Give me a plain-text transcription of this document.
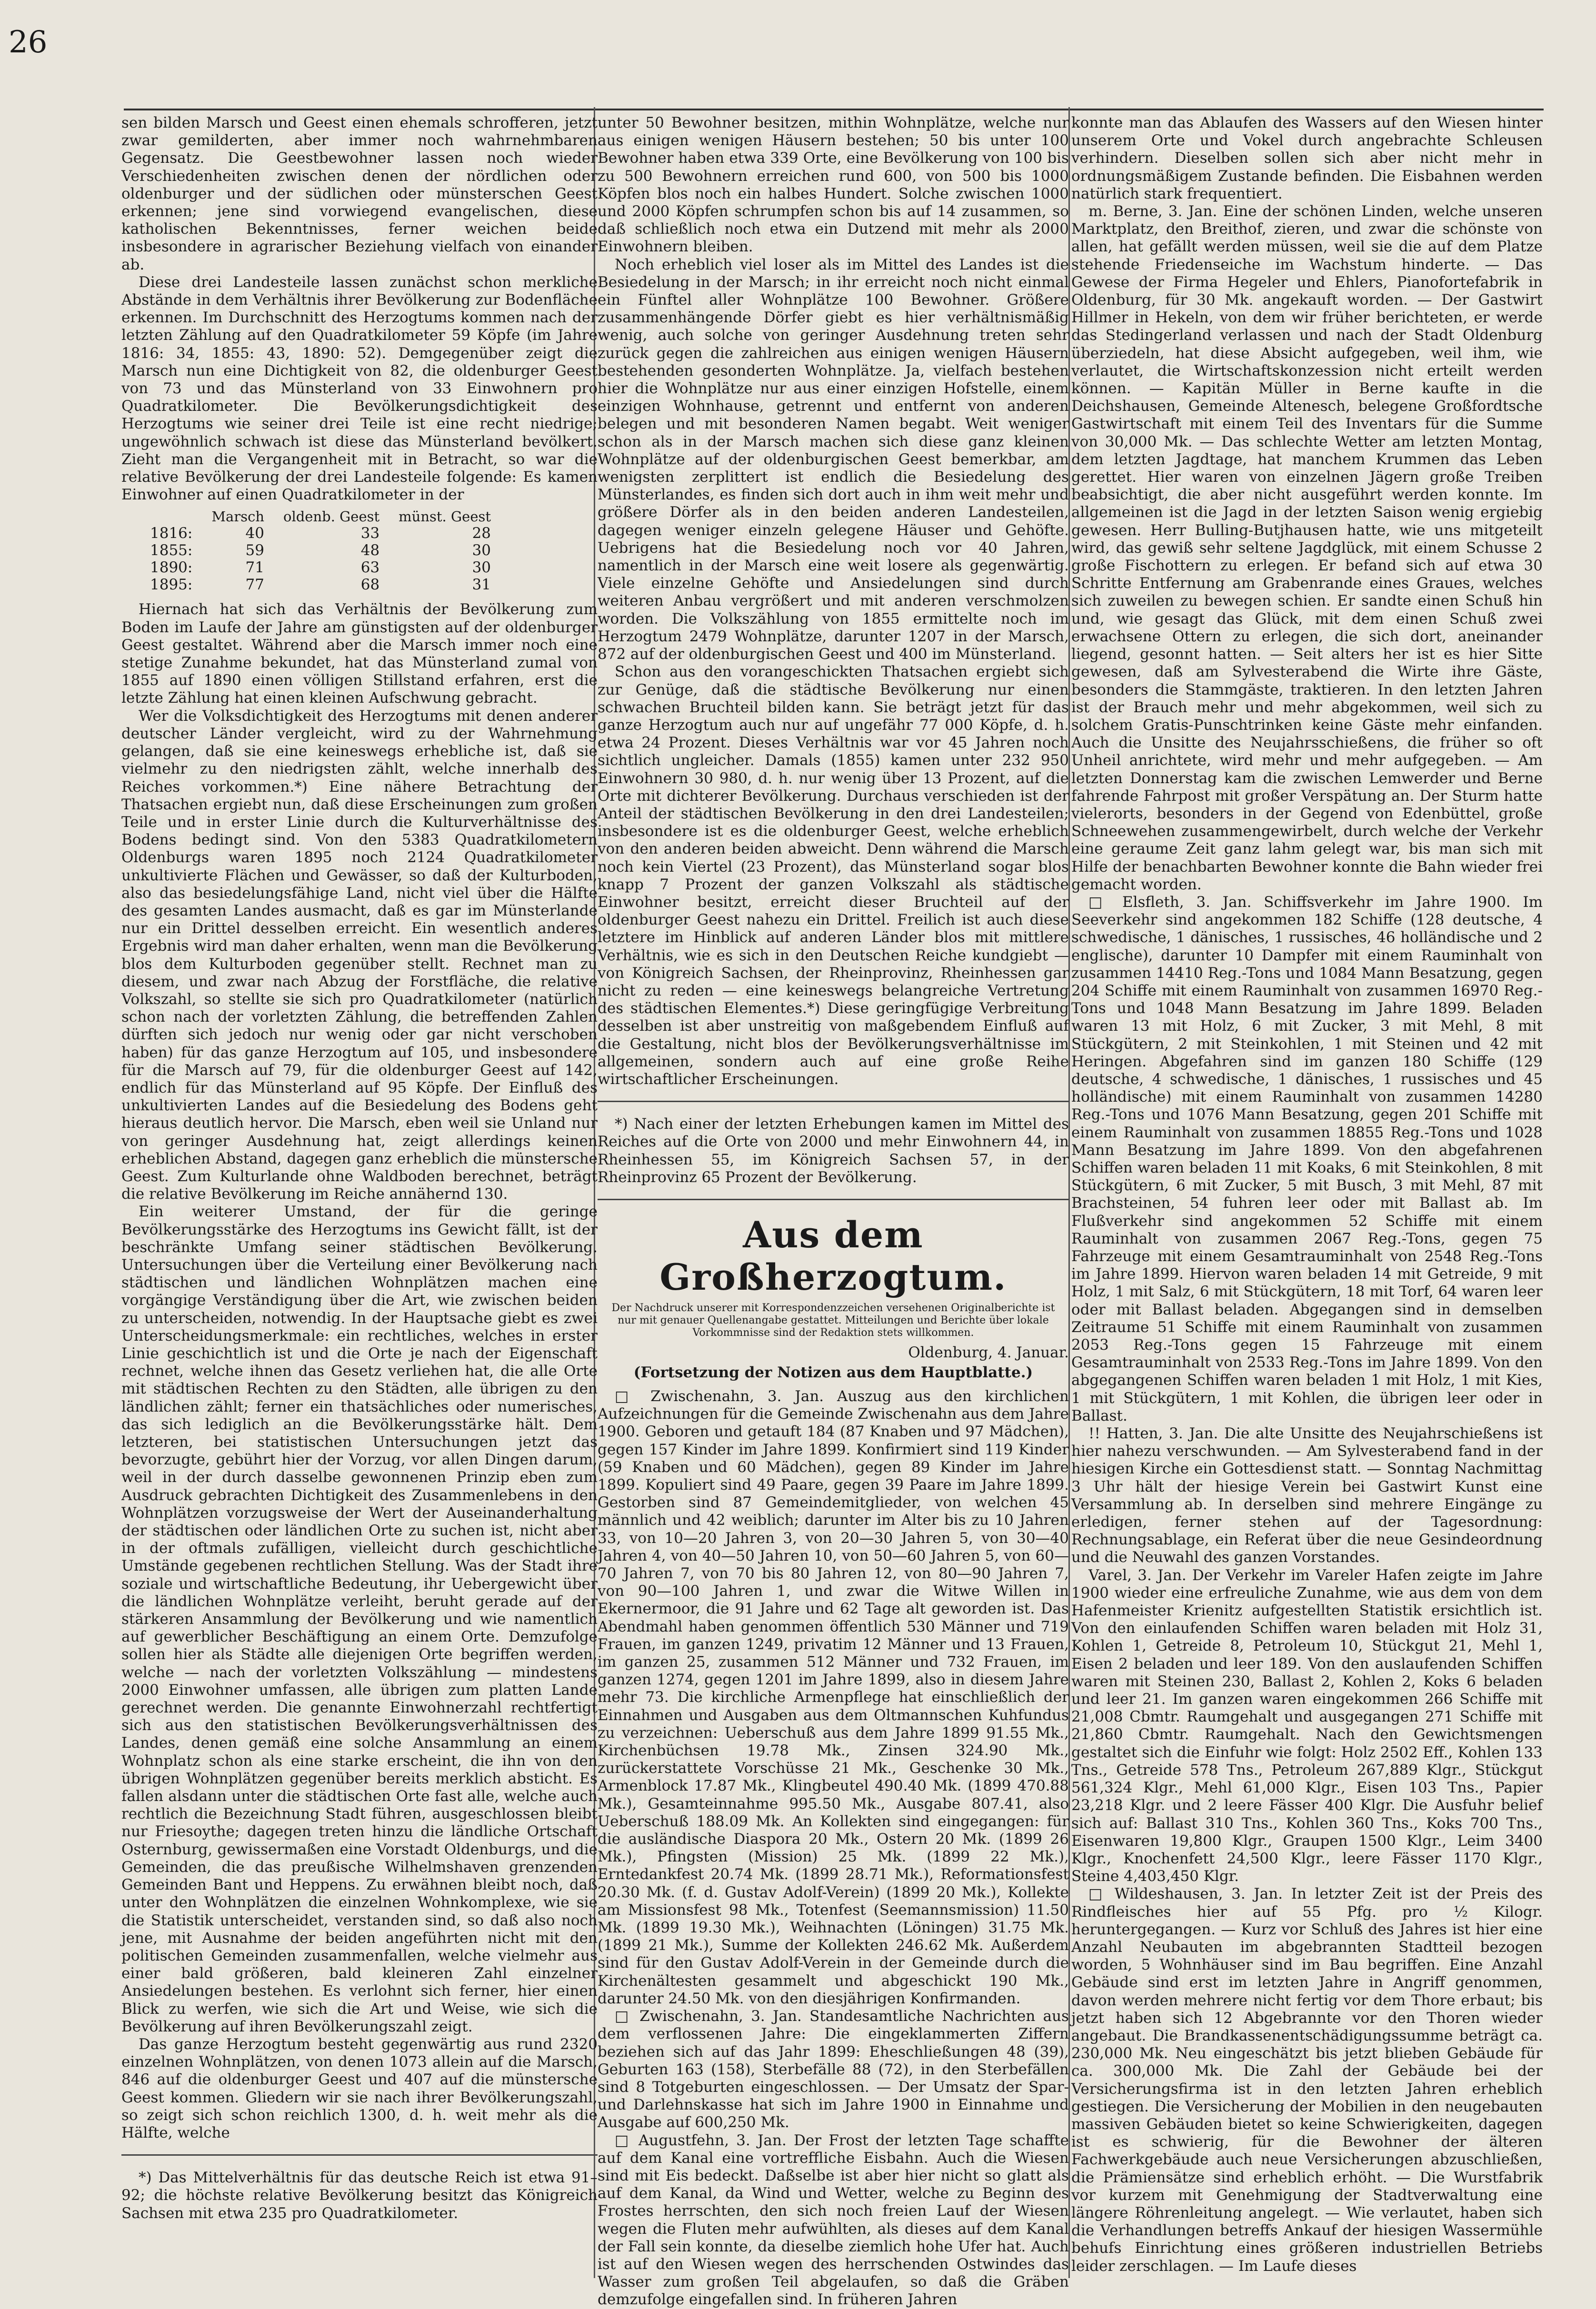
26

sen bilden Marsch und Geest einen ehemals schrofferen, jetzt zwar gemilderten, aber immer noch wahrnehmbaren Gegensatz. Die Geestbewohner lassen noch wieder Verschiedenheiten zwischen denen der nördlichen oder oldenburger und der südlichen oder münsterschen Geest erkennen; jene sind vorwiegend evangelischen, diese katholischen Bekenntnisses, ferner weichen beide insbesondere in agrarischer Beziehung vielfach von einander ab.

Diese drei Landesteile lassen zunächst schon merkliche Abstände in dem Verhältnis ihrer Bevölkerung zur Bodenfläche erkennen. Im Durchschnitt des Herzogtums kommen nach der letzten Zählung auf den Quadratkilometer 59 Köpfe (im Jahre 1816: 34, 1855: 43, 1890: 52). Demgegenüber zeigt die Marsch nun eine Dichtigkeit von 82, die oldenburger Geest von 73 und das Münsterland von 33 Einwohnern pro Quadratkilometer. Die Bevölkerungsdichtigkeit des Herzogtums wie seiner drei Teile ist eine recht niedrige; ungewöhnlich schwach ist diese das Münsterland bevölkert. Zieht man die Vergangenheit mit in Betracht, so war die relative Bevölkerung der drei Landesteile folgende: Es kamen Einwohner auf einen Quadratkilometer in der

	Marsch	oldenb. Geest	münst. Geest
1816:	40	33	28
1855:	59	48	30
1890:	71	63	30
1895:	77	68	31

Hiernach hat sich das Verhältnis der Bevölkerung zum Boden im Laufe der Jahre am günstigsten auf der oldenburger Geest gestaltet. Während aber die Marsch immer noch eine stetige Zunahme bekundet, hat das Münsterland zumal von 1855 auf 1890 einen völligen Stillstand erfahren, erst die letzte Zählung hat einen kleinen Aufschwung gebracht.

Wer die Volksdichtigkeit des Herzogtums mit denen anderer deutscher Länder vergleicht, wird zu der Wahrnehmung gelangen, daß sie eine keineswegs erhebliche ist, daß sie vielmehr zu den niedrigsten zählt, welche innerhalb des Reiches vorkommen.*) Eine nähere Betrachtung der Thatsachen ergiebt nun, daß diese Erscheinungen zum großen Teile und in erster Linie durch die Kulturverhältnisse des Bodens bedingt sind. Von den 5383 Quadratkilometern Oldenburgs waren 1895 noch 2124 Quadratkilometer unkultivierte Flächen und Gewässer, so daß der Kulturboden, also das besiedelungsfähige Land, nicht viel über die Hälfte des gesamten Landes ausmacht, daß es gar im Münsterlande nur ein Drittel desselben erreicht. Ein wesentlich anderes Ergebnis wird man daher erhalten, wenn man die Bevölkerung blos dem Kulturboden gegenüber stellt. Rechnet man zu diesem, und zwar nach Abzug der Forstfläche, die relative Volkszahl, so stellte sie sich pro Quadratkilometer (natürlich schon nach der vorletzten Zählung, die betreffenden Zahlen dürften sich jedoch nur wenig oder gar nicht verschoben haben) für das ganze Herzogtum auf 105, und insbesondere für die Marsch auf 79, für die oldenburger Geest auf 142, endlich für das Münsterland auf 95 Köpfe. Der Einfluß des unkultivierten Landes auf die Besiedelung des Bodens geht hieraus deutlich hervor. Die Marsch, eben weil sie Unland nur von geringer Ausdehnung hat, zeigt allerdings keinen erheblichen Abstand, dagegen ganz erheblich die münstersche Geest. Zum Kulturlande ohne Waldboden berechnet, beträgt die relative Bevölkerung im Reiche annähernd 130.

Ein weiterer Umstand, der für die geringe Bevölkerungsstärke des Herzogtums ins Gewicht fällt, ist der beschränkte Umfang seiner städtischen Bevölkerung. Untersuchungen über die Verteilung einer Bevölkerung nach städtischen und ländlichen Wohnplätzen machen eine vorgängige Verständigung über die Art, wie zwischen beiden zu unterscheiden, notwendig. In der Hauptsache giebt es zwei Unterscheidungsmerkmale: ein rechtliches, welches in erster Linie geschichtlich ist und die Orte je nach der Eigenschaft rechnet, welche ihnen das Gesetz verliehen hat, die alle Orte mit städtischen Rechten zu den Städten, alle übrigen zu den ländlichen zählt; ferner ein thatsächliches oder numerisches, das sich lediglich an die Bevölkerungsstärke hält. Dem letzteren, bei statistischen Untersuchungen jetzt das bevorzugte, gebührt hier der Vorzug, vor allen Dingen darum, weil in der durch dasselbe gewonnenen Prinzip eben zum Ausdruck gebrachten Dichtigkeit des Zusammenlebens in den Wohnplätzen vorzugsweise der Wert der Auseinanderhaltung der städtischen oder ländlichen Orte zu suchen ist, nicht aber in der oftmals zufälligen, vielleicht durch geschichtliche Umstände gegebenen rechtlichen Stellung. Was der Stadt ihre soziale und wirtschaftliche Bedeutung, ihr Uebergewicht über die ländlichen Wohnplätze verleiht, beruht gerade auf der stärkeren Ansammlung der Bevölkerung und wie namentlich auf gewerblicher Beschäftigung an einem Orte. Demzufolge sollen hier als Städte alle diejenigen Orte begriffen werden, welche — nach der vorletzten Volkszählung — mindestens 2000 Einwohner umfassen, alle übrigen zum platten Lande gerechnet werden. Die genannte Einwohnerzahl rechtfertigt sich aus den statistischen Bevölkerungsverhältnissen des Landes, denen gemäß eine solche Ansammlung an einem Wohnplatz schon als eine starke erscheint, die ihn von den übrigen Wohnplätzen gegenüber bereits merklich absticht. Es fallen alsdann unter die städtischen Orte fast alle, welche auch rechtlich die Bezeichnung Stadt führen, ausgeschlossen bleibt nur Friesoythe; dagegen treten hinzu die ländliche Ortschaft Osternburg, gewissermaßen eine Vorstadt Oldenburgs, und die Gemeinden, die das preußische Wilhelmshaven grenzenden Gemeinden Bant und Heppens. Zu erwähnen bleibt noch, daß unter den Wohnplätzen die einzelnen Wohnkomplexe, wie sie die Statistik unterscheidet, verstanden sind, so daß also noch jene, mit Ausnahme der beiden angeführten nicht mit den politischen Gemeinden zusammenfallen, welche vielmehr aus einer bald größeren, bald kleineren Zahl einzelner Ansiedelungen bestehen. Es verlohnt sich ferner, hier einen Blick zu werfen, wie sich die Art und Weise, wie sich die Bevölkerung auf ihren Bevölkerungszahl zeigt.

Das ganze Herzogtum besteht gegenwärtig aus rund 2320 einzelnen Wohnplätzen, von denen 1073 allein auf die Marsch, 846 auf die oldenburger Geest und 407 auf die münstersche Geest kommen. Gliedern wir sie nach ihrer Bevölkerungszahl, so zeigt sich schon reichlich 1300, d. h. weit mehr als die Hälfte, welche

*) Das Mittelverhältnis für das deutsche Reich ist etwa 91–92; die höchste relative Bevölkerung besitzt das Königreich Sachsen mit etwa 235 pro Quadratkilometer.

unter 50 Bewohner besitzen, mithin Wohnplätze, welche nur aus einigen wenigen Häusern bestehen; 50 bis unter 100 Bewohner haben etwa 339 Orte, eine Bevölkerung von 100 bis zu 500 Bewohnern erreichen rund 600, von 500 bis 1000 Köpfen blos noch ein halbes Hundert. Solche zwischen 1000 und 2000 Köpfen schrumpfen schon bis auf 14 zusammen, so daß schließlich noch etwa ein Dutzend mit mehr als 2000 Einwohnern bleiben.

Noch erheblich viel loser als im Mittel des Landes ist die Besiedelung in der Marsch; in ihr erreicht noch nicht einmal ein Fünftel aller Wohnplätze 100 Bewohner. Größere zusammenhängende Dörfer giebt es hier verhältnismäßig wenig, auch solche von geringer Ausdehnung treten sehr zurück gegen die zahlreichen aus einigen wenigen Häusern bestehenden gesonderten Wohnplätze. Ja, vielfach bestehen hier die Wohnplätze nur aus einer einzigen Hofstelle, einem einzigen Wohnhause, getrennt und entfernt von anderen belegen und mit besonderen Namen begabt. Weit weniger schon als in der Marsch machen sich diese ganz kleinen Wohnplätze auf der oldenburgischen Geest bemerkbar, am wenigsten zerplittert ist endlich die Besiedelung des Münsterlandes, es finden sich dort auch in ihm weit mehr und größere Dörfer als in den beiden anderen Landesteilen, dagegen weniger einzeln gelegene Häuser und Gehöfte. Uebrigens hat die Besiedelung noch vor 40 Jahren, namentlich in der Marsch eine weit losere als gegenwärtig. Viele einzelne Gehöfte und Ansiedelungen sind durch weiteren Anbau vergrößert und mit anderen verschmolzen worden. Die Volkszählung von 1855 ermittelte noch im Herzogtum 2479 Wohnplätze, darunter 1207 in der Marsch, 872 auf der oldenburgischen Geest und 400 im Münsterland.

Schon aus den vorangeschickten Thatsachen ergiebt sich zur Genüge, daß die städtische Bevölkerung nur einen schwachen Bruchteil bilden kann. Sie beträgt jetzt für das ganze Herzogtum auch nur auf ungefähr 77 000 Köpfe, d. h. etwa 24 Prozent. Dieses Verhältnis war vor 45 Jahren noch sichtlich ungleicher. Damals (1855) kamen unter 232 950 Einwohnern 30 980, d. h. nur wenig über 13 Prozent, auf die Orte mit dichterer Bevölkerung. Durchaus verschieden ist der Anteil der städtischen Bevölkerung in den drei Landesteilen; insbesondere ist es die oldenburger Geest, welche erheblich von den anderen beiden abweicht. Denn während die Marsch noch kein Viertel (23 Prozent), das Münsterland sogar blos knapp 7 Prozent der ganzen Volkszahl als städtische Einwohner besitzt, erreicht dieser Bruchteil auf der oldenburger Geest nahezu ein Drittel. Freilich ist auch diese letztere im Hinblick auf anderen Länder blos mit mittlere Verhältnis, wie es sich in den Deutschen Reiche kundgiebt — von Königreich Sachsen, der Rheinprovinz, Rheinhessen gar nicht zu reden — eine keineswegs belangreiche Vertretung des städtischen Elementes.*) Diese geringfügige Verbreitung desselben ist aber unstreitig von maßgebendem Einfluß auf die Gestaltung, nicht blos der Bevölkerungsverhältnisse im allgemeinen, sondern auch auf eine große Reihe wirtschaftlicher Erscheinungen.

*) Nach einer der letzten Erhebungen kamen im Mittel des Reiches auf die Orte von 2000 und mehr Einwohnern 44, in Rheinhessen 55, im Königreich Sachsen 57, in der Rheinprovinz 65 Prozent der Bevölkerung.

Aus dem Großherzogtum.
Der Nachdruck unserer mit Korrespondenzzeichen versehenen Originalberichte ist nur mit genauer Quellenangabe gestattet. Mitteilungen und Berichte über lokale Vorkommnisse sind der Redaktion stets willkommen.
Oldenburg, 4. Januar.
(Fortsetzung der Notizen aus dem Hauptblatte.)

□ Zwischenahn, 3. Jan. Auszug aus den kirchlichen Aufzeichnungen für die Gemeinde Zwischenahn aus dem Jahre 1900. Geboren und getauft 184 (87 Knaben und 97 Mädchen), gegen 157 Kinder im Jahre 1899. Konfirmiert sind 119 Kinder (59 Knaben und 60 Mädchen), gegen 89 Kinder im Jahre 1899. Kopuliert sind 49 Paare, gegen 39 Paare im Jahre 1899. Gestorben sind 87 Gemeindemitglieder, von welchen 45 männlich und 42 weiblich; darunter im Alter bis zu 10 Jahren 33, von 10—20 Jahren 3, von 20—30 Jahren 5, von 30—40 Jahren 4, von 40—50 Jahren 10, von 50—60 Jahren 5, von 60—70 Jahren 7, von 70 bis 80 Jahren 12, von 80—90 Jahren 7, von 90—100 Jahren 1, und zwar die Witwe Willen in Ekernermoor, die 91 Jahre und 62 Tage alt geworden ist. Das Abendmahl haben genommen öffentlich 530 Männer und 719 Frauen, im ganzen 1249, privatim 12 Männer und 13 Frauen, im ganzen 25, zusammen 512 Männer und 732 Frauen, im ganzen 1274, gegen 1201 im Jahre 1899, also in diesem Jahre mehr 73. Die kirchliche Armenpflege hat einschließlich der Einnahmen und Ausgaben aus dem Oltmannschen Kuhfundus zu verzeichnen: Ueberschuß aus dem Jahre 1899 91.55 Mk., Kirchenbüchsen 19.78 Mk., Zinsen 324.90 Mk., zurückerstattete Vorschüsse 21 Mk., Geschenke 30 Mk., Armenblock 17.87 Mk., Klingbeutel 490.40 Mk. (1899 470.88 Mk.), Gesamteinnahme 995.50 Mk., Ausgabe 807.41, also Ueberschuß 188.09 Mk. An Kollekten sind eingegangen: für die ausländische Diaspora 20 Mk., Ostern 20 Mk. (1899 26 Mk.), Pfingsten (Mission) 25 Mk. (1899 22 Mk.), Erntedankfest 20.74 Mk. (1899 28.71 Mk.), Reformationsfest 20.30 Mk. (f. d. Gustav Adolf-Verein) (1899 20 Mk.), Kollekte am Missionsfest 98 Mk., Totenfest (Seemannsmission) 11.50 Mk. (1899 19.30 Mk.), Weihnachten (Löningen) 31.75 Mk. (1899 21 Mk.), Summe der Kollekten 246.62 Mk. Außerdem sind für den Gustav Adolf-Verein in der Gemeinde durch die Kirchenältesten gesammelt und abgeschickt 190 Mk., darunter 24.50 Mk. von den diesjährigen Konfirmanden.

□ Zwischenahn, 3. Jan. Standesamtliche Nachrichten aus dem verflossenen Jahre: Die eingeklammerten Ziffern beziehen sich auf das Jahr 1899: Eheschließungen 48 (39), Geburten 163 (158), Sterbefälle 88 (72), in den Sterbefällen sind 8 Totgeburten eingeschlossen. — Der Umsatz der Spar- und Darlehnskasse hat sich im Jahre 1900 in Einnahme und Ausgabe auf 600,250 Mk.

□ Augustfehn, 3. Jan. Der Frost der letzten Tage schaffte auf dem Kanal eine vortreffliche Eisbahn. Auch die Wiesen sind mit Eis bedeckt. Daßselbe ist aber hier nicht so glatt als auf dem Kanal, da Wind und Wetter, welche zu Beginn des Frostes herrschten, den sich noch freien Lauf der Wiesen wegen die Fluten mehr aufwühlten, als dieses auf dem Kanal der Fall sein konnte, da dieselbe ziemlich hohe Ufer hat. Auch ist auf den Wiesen wegen des herrschenden Ostwindes das Wasser zum großen Teil abgelaufen, so daß die Gräben demzufolge eingefallen sind. In früheren Jahren

konnte man das Ablaufen des Wassers auf den Wiesen hinter unserem Orte und Vokel durch angebrachte Schleusen verhindern. Dieselben sollen sich aber nicht mehr in ordnungsmäßigem Zustande befinden. Die Eisbahnen werden natürlich stark frequentiert.

m. Berne, 3. Jan. Eine der schönen Linden, welche unseren Marktplatz, den Breithof, zieren, und zwar die schönste von allen, hat gefällt werden müssen, weil sie die auf dem Platze stehende Friedenseiche im Wachstum hinderte. — Das Gewese der Firma Hegeler und Ehlers, Pianofortefabrik in Oldenburg, für 30 Mk. angekauft worden. — Der Gastwirt Hillmer in Hekeln, von dem wir früher berichteten, er werde das Stedingerland verlassen und nach der Stadt Oldenburg überziedeln, hat diese Absicht aufgegeben, weil ihm, wie verlautet, die Wirtschaftskonzession nicht erteilt werden können. — Kapitän Müller in Berne kaufte in die Deichshausen, Gemeinde Altenesch, belegene Großfordtsche Gastwirtschaft mit einem Teil des Inventars für die Summe von 30,000 Mk. — Das schlechte Wetter am letzten Montag, dem letzten Jagdtage, hat manchem Krummen das Leben gerettet. Hier waren von einzelnen Jägern große Treiben beabsichtigt, die aber nicht ausgeführt werden konnte. Im allgemeinen ist die Jagd in der letzten Saison wenig ergiebig gewesen. Herr Bulling-Butjhausen hatte, wie uns mitgeteilt wird, das gewiß sehr seltene Jagdglück, mit einem Schusse 2 große Fischottern zu erlegen. Er befand sich auf etwa 30 Schritte Entfernung am Grabenrande eines Graues, welches sich zuweilen zu bewegen schien. Er sandte einen Schuß hin und, wie gesagt das Glück, mit dem einen Schuß zwei erwachsene Ottern zu erlegen, die sich dort, aneinander liegend, gesonnt hatten. — Seit alters her ist es hier Sitte gewesen, daß am Sylvesterabend die Wirte ihre Gäste, besonders die Stammgäste, traktieren. In den letzten Jahren ist der Brauch mehr und mehr abgekommen, weil sich zu solchem Gratis-Punschtrinken keine Gäste mehr einfanden. Auch die Unsitte des Neujahrsschießens, die früher so oft Unheil anrichtete, wird mehr und mehr aufgegeben. — Am letzten Donnerstag kam die zwischen Lemwerder und Berne fahrende Fahrpost mit großer Verspätung an. Der Sturm hatte vielerorts, besonders in der Gegend von Edenbüttel, große Schneewehen zusammengewirbelt, durch welche der Verkehr eine geraume Zeit ganz lahm gelegt war, bis man sich mit Hilfe der benachbarten Bewohner konnte die Bahn wieder frei gemacht worden.

□ Elsfleth, 3. Jan. Schiffsverkehr im Jahre 1900. Im Seeverkehr sind angekommen 182 Schiffe (128 deutsche, 4 schwedische, 1 dänisches, 1 russisches, 46 holländische und 2 englische), darunter 10 Dampfer mit einem Rauminhalt von zusammen 14410 Reg.-Tons und 1084 Mann Besatzung, gegen 204 Schiffe mit einem Rauminhalt von zusammen 16970 Reg.-Tons und 1048 Mann Besatzung im Jahre 1899. Beladen waren 13 mit Holz, 6 mit Zucker, 3 mit Mehl, 8 mit Stückgütern, 2 mit Steinkohlen, 1 mit Steinen und 42 mit Heringen. Abgefahren sind im ganzen 180 Schiffe (129 deutsche, 4 schwedische, 1 dänisches, 1 russisches und 45 holländische) mit einem Rauminhalt von zusammen 14280 Reg.-Tons und 1076 Mann Besatzung, gegen 201 Schiffe mit einem Rauminhalt von zusammen 18855 Reg.-Tons und 1028 Mann Besatzung im Jahre 1899. Von den abgefahrenen Schiffen waren beladen 11 mit Koaks, 6 mit Steinkohlen, 8 mit Stückgütern, 6 mit Zucker, 5 mit Busch, 3 mit Mehl, 87 mit Brachsteinen, 54 fuhren leer oder mit Ballast ab. Im Flußverkehr sind angekommen 52 Schiffe mit einem Rauminhalt von zusammen 2067 Reg.-Tons, gegen 75 Fahrzeuge mit einem Gesamtrauminhalt von 2548 Reg.-Tons im Jahre 1899. Hiervon waren beladen 14 mit Getreide, 9 mit Holz, 1 mit Salz, 6 mit Stückgütern, 18 mit Torf, 64 waren leer oder mit Ballast beladen. Abgegangen sind in demselben Zeitraume 51 Schiffe mit einem Rauminhalt von zusammen 2053 Reg.-Tons gegen 15 Fahrzeuge mit einem Gesamtrauminhalt von 2533 Reg.-Tons im Jahre 1899. Von den abgegangenen Schiffen waren beladen 1 mit Holz, 1 mit Kies, 1 mit Stückgütern, 1 mit Kohlen, die übrigen leer oder in Ballast.

!! Hatten, 3. Jan. Die alte Unsitte des Neujahrschießens ist hier nahezu verschwunden. — Am Sylvesterabend fand in der hiesigen Kirche ein Gottesdienst statt. — Sonntag Nachmittag 3 Uhr hält der hiesige Verein bei Gastwirt Kunst eine Versammlung ab. In derselben sind mehrere Eingänge zu erledigen, ferner stehen auf der Tagesordnung: Rechnungsablage, ein Referat über die neue Gesindeordnung und die Neuwahl des ganzen Vorstandes.

Varel, 3. Jan. Der Verkehr im Vareler Hafen zeigte im Jahre 1900 wieder eine erfreuliche Zunahme, wie aus dem von dem Hafenmeister Krienitz aufgestellten Statistik ersichtlich ist. Von den einlaufenden Schiffen waren beladen mit Holz 31, Kohlen 1, Getreide 8, Petroleum 10, Stückgut 21, Mehl 1, Eisen 2 beladen und leer 189. Von den auslaufenden Schiffen waren mit Steinen 230, Ballast 2, Kohlen 2, Koks 6 beladen und leer 21. Im ganzen waren eingekommen 266 Schiffe mit 21,008 Cbmtr. Raumgehalt und ausgegangen 271 Schiffe mit 21,860 Cbmtr. Raumgehalt. Nach den Gewichtsmengen gestaltet sich die Einfuhr wie folgt: Holz 2502 Eff., Kohlen 133 Tns., Getreide 578 Tns., Petroleum 267,889 Klgr., Stückgut 561,324 Klgr., Mehl 61,000 Klgr., Eisen 103 Tns., Papier 23,218 Klgr. und 2 leere Fässer 400 Klgr. Die Ausfuhr belief sich auf: Ballast 310 Tns., Kohlen 360 Tns., Koks 700 Tns., Eisenwaren 19,800 Klgr., Graupen 1500 Klgr., Leim 3400 Klgr., Knochenfett 24,500 Klgr., leere Fässer 1170 Klgr., Steine 4,403,450 Klgr.

□ Wildeshausen, 3. Jan. In letzter Zeit ist der Preis des Rindfleisches hier auf 55 Pfg. pro ½ Kilogr. heruntergegangen. — Kurz vor Schluß des Jahres ist hier eine Anzahl Neubauten im abgebrannten Stadtteil bezogen worden, 5 Wohnhäuser sind im Bau begriffen. Eine Anzahl Gebäude sind erst im letzten Jahre in Angriff genommen, davon werden mehrere nicht fertig vor dem Thore erbaut; bis jetzt haben sich 12 Abgebrannte vor den Thoren wieder angebaut. Die Brandkassenentschädigungssumme beträgt ca. 230,000 Mk. Neu eingeschätzt bis jetzt blieben Gebäude für ca. 300,000 Mk. Die Zahl der Gebäude bei der Versicherungsfirma ist in den letzten Jahren erheblich gestiegen. Die Versicherung der Mobilien in den neugebauten massiven Gebäuden bietet so keine Schwierigkeiten, dagegen ist es schwierig, für die Bewohner der älteren Fachwerkgebäude auch neue Versicherungen abzuschließen, die Prämiensätze sind erheblich erhöht. — Die Wurstfabrik vor kurzem mit Genehmigung der Stadtverwaltung eine längere Röhrenleitung angelegt. — Wie verlautet, haben sich die Verhandlungen betreffs Ankauf der hiesigen Wassermühle behufs Einrichtung eines größeren industriellen Betriebs leider zerschlagen. — Im Laufe dieses
